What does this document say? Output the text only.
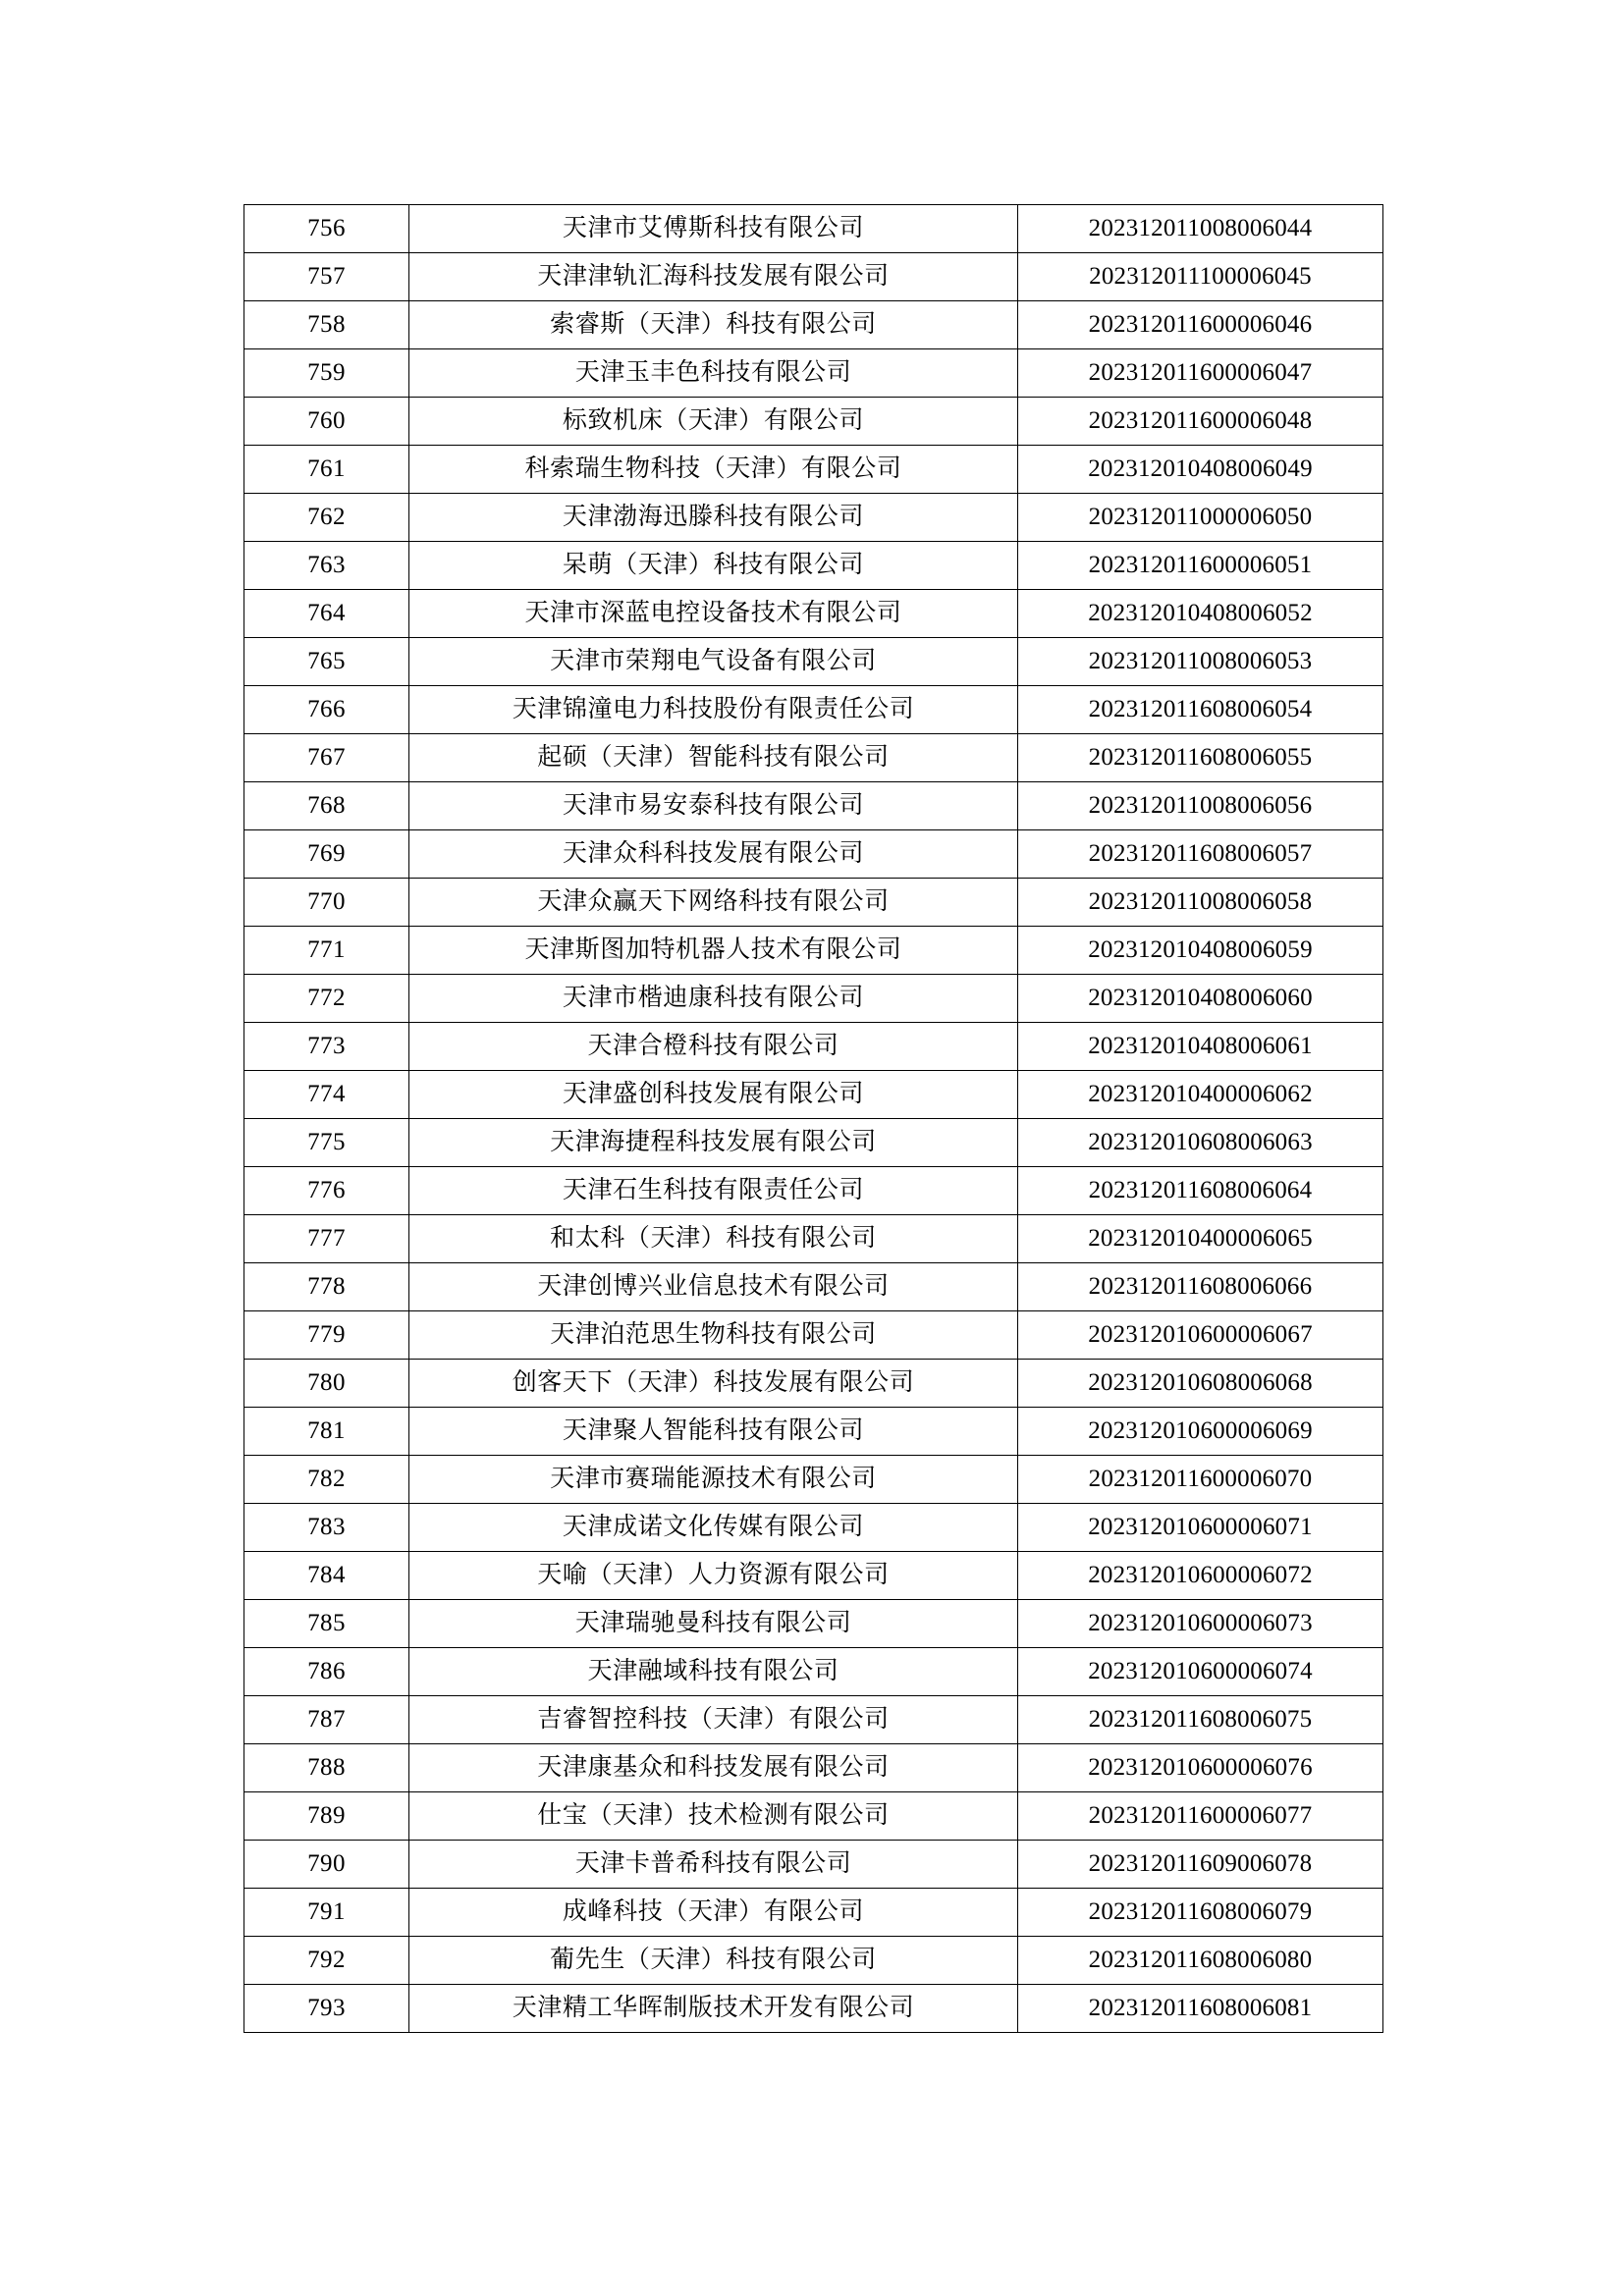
756	天津市艾傅斯科技有限公司	202312011008006044
757	天津津轨汇海科技发展有限公司	202312011100006045
758	索睿斯（天津）科技有限公司	202312011600006046
759	天津玉丰色科技有限公司	202312011600006047
760	标致机床（天津）有限公司	202312011600006048
761	科索瑞生物科技（天津）有限公司	202312010408006049
762	天津渤海迅滕科技有限公司	202312011000006050
763	呆萌（天津）科技有限公司	202312011600006051
764	天津市深蓝电控设备技术有限公司	202312010408006052
765	天津市荣翔电气设备有限公司	202312011008006053
766	天津锦潼电力科技股份有限责任公司	202312011608006054
767	起硕（天津）智能科技有限公司	202312011608006055
768	天津市易安泰科技有限公司	202312011008006056
769	天津众科科技发展有限公司	202312011608006057
770	天津众赢天下网络科技有限公司	202312011008006058
771	天津斯图加特机器人技术有限公司	202312010408006059
772	天津市楷迪康科技有限公司	202312010408006060
773	天津合橙科技有限公司	202312010408006061
774	天津盛创科技发展有限公司	202312010400006062
775	天津海捷程科技发展有限公司	202312010608006063
776	天津石生科技有限责任公司	202312011608006064
777	和太科（天津）科技有限公司	202312010400006065
778	天津创博兴业信息技术有限公司	202312011608006066
779	天津泊范思生物科技有限公司	202312010600006067
780	创客天下（天津）科技发展有限公司	202312010608006068
781	天津聚人智能科技有限公司	202312010600006069
782	天津市赛瑞能源技术有限公司	202312011600006070
783	天津成诺文化传媒有限公司	202312010600006071
784	天喻（天津）人力资源有限公司	202312010600006072
785	天津瑞驰曼科技有限公司	202312010600006073
786	天津融域科技有限公司	202312010600006074
787	吉睿智控科技（天津）有限公司	202312011608006075
788	天津康基众和科技发展有限公司	202312010600006076
789	仕宝（天津）技术检测有限公司	202312011600006077
790	天津卡普希科技有限公司	202312011609006078
791	成峰科技（天津）有限公司	202312011608006079
792	葡先生（天津）科技有限公司	202312011608006080
793	天津精工华晖制版技术开发有限公司	202312011608006081
